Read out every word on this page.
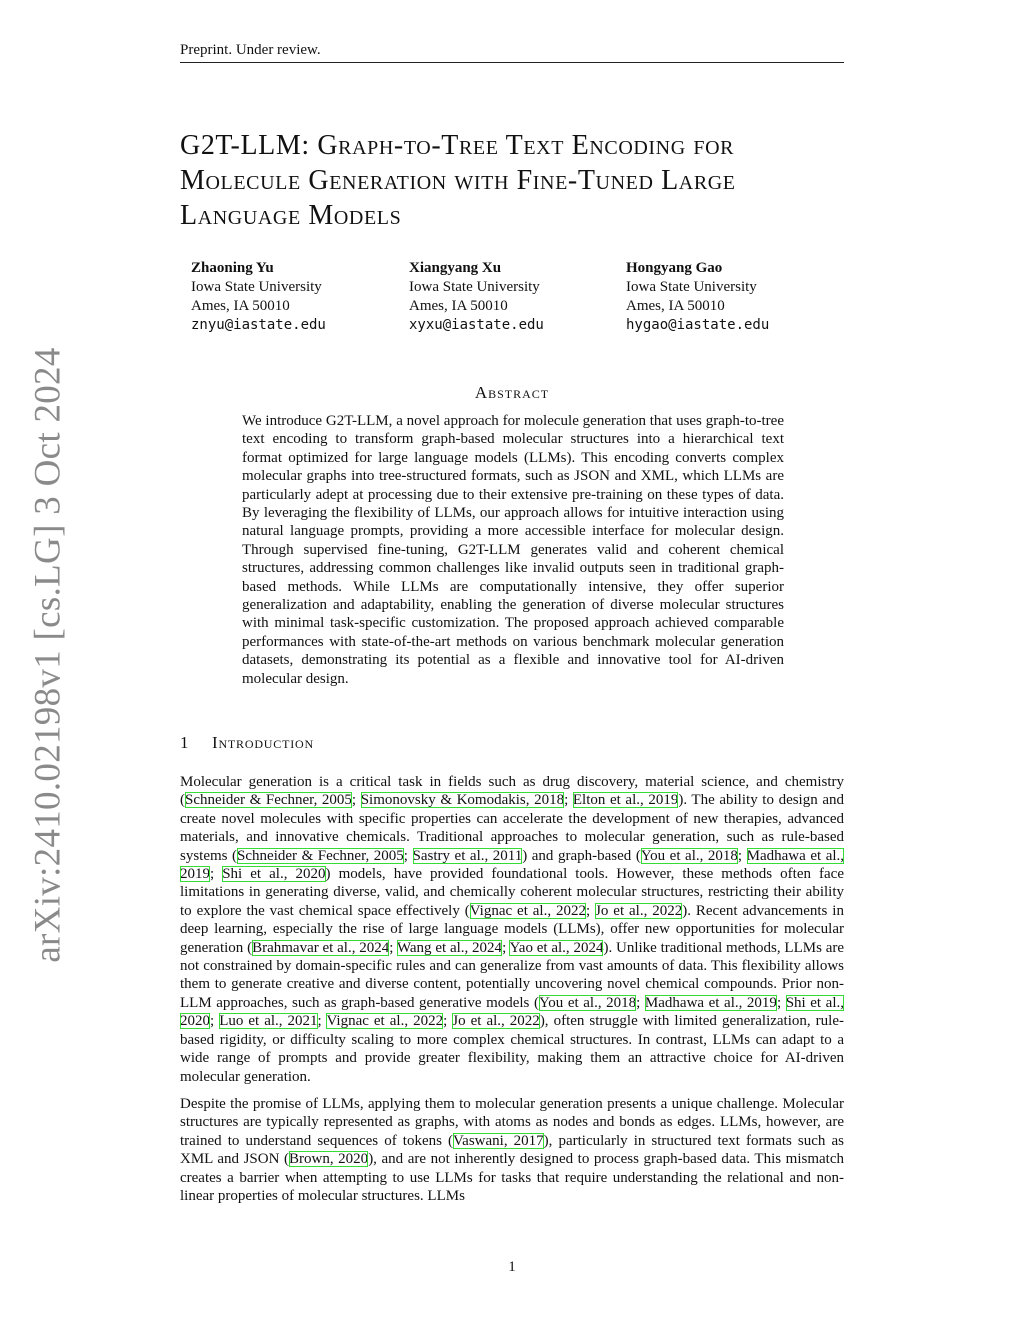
Preprint. Under review.
arXiv:2410.02198v1 [cs.LG] 3 Oct 2024
G2T-LLM: Graph-to-Tree Text Encoding for Molecule Generation with Fine-Tuned Large Language Models
Zhaoning Yu
Iowa State University
Ames, IA 50010
znyu@iastate.edu
Xiangyang Xu
Iowa State University
Ames, IA 50010
xyxu@iastate.edu
Hongyang Gao
Iowa State University
Ames, IA 50010
hygao@iastate.edu
Abstract
We introduce G2T-LLM, a novel approach for molecule generation that uses graph-to-tree text encoding to transform graph-based molecular structures into a hierarchical text format optimized for large language models (LLMs). This encoding converts complex molecular graphs into tree-structured formats, such as JSON and XML, which LLMs are particularly adept at processing due to their extensive pre-training on these types of data. By leveraging the flexibility of LLMs, our approach allows for intuitive interaction using natural language prompts, providing a more accessible interface for molecular design. Through supervised fine-tuning, G2T-LLM generates valid and coherent chemical structures, addressing common challenges like invalid outputs seen in traditional graph-based methods. While LLMs are computationally intensive, they offer superior generalization and adaptability, enabling the generation of diverse molecular structures with minimal task-specific customization. The proposed approach achieved comparable performances with state-of-the-art methods on various benchmark molecular generation datasets, demonstrating its potential as a flexible and innovative tool for AI-driven molecular design.
1 Introduction

Molecular generation is a critical task in fields such as drug discovery, material science, and chemistry (Schneider & Fechner, 2005; Simonovsky & Komodakis, 2018; Elton et al., 2019). The ability to design and create novel molecules with specific properties can accelerate the development of new therapies, advanced materials, and innovative chemicals. Traditional approaches to molecular generation, such as rule-based systems (Schneider & Fechner, 2005; Sastry et al., 2011) and graph-based (You et al., 2018; Madhawa et al., 2019; Shi et al., 2020) models, have provided foundational tools. However, these methods often face limitations in generating diverse, valid, and chemically coherent molecular structures, restricting their ability to explore the vast chemical space effectively (Vignac et al., 2022; Jo et al., 2022). Recent advancements in deep learning, especially the rise of large language models (LLMs), offer new opportunities for molecular generation (Brahmavar et al., 2024; Wang et al., 2024; Yao et al., 2024). Unlike traditional methods, LLMs are not constrained by domain-specific rules and can generalize from vast amounts of data. This flexibility allows them to generate creative and diverse content, potentially uncovering novel chemical compounds. Prior non-LLM approaches, such as graph-based generative models (You et al., 2018; Madhawa et al., 2019; Shi et al., 2020; Luo et al., 2021; Vignac et al., 2022; Jo et al., 2022), often struggle with limited generalization, rule-based rigidity, or difficulty scaling to more complex chemical structures. In contrast, LLMs can adapt to a wide range of prompts and provide greater flexibility, making them an attractive choice for AI-driven molecular generation.

Despite the promise of LLMs, applying them to molecular generation presents a unique challenge. Molecular structures are typically represented as graphs, with atoms as nodes and bonds as edges. LLMs, however, are trained to understand sequences of tokens (Vaswani, 2017), particularly in structured text formats such as XML and JSON (Brown, 2020), and are not inherently designed to process graph-based data. This mismatch creates a barrier when attempting to use LLMs for tasks that require understanding the relational and non-linear properties of molecular structures. LLMs

1
